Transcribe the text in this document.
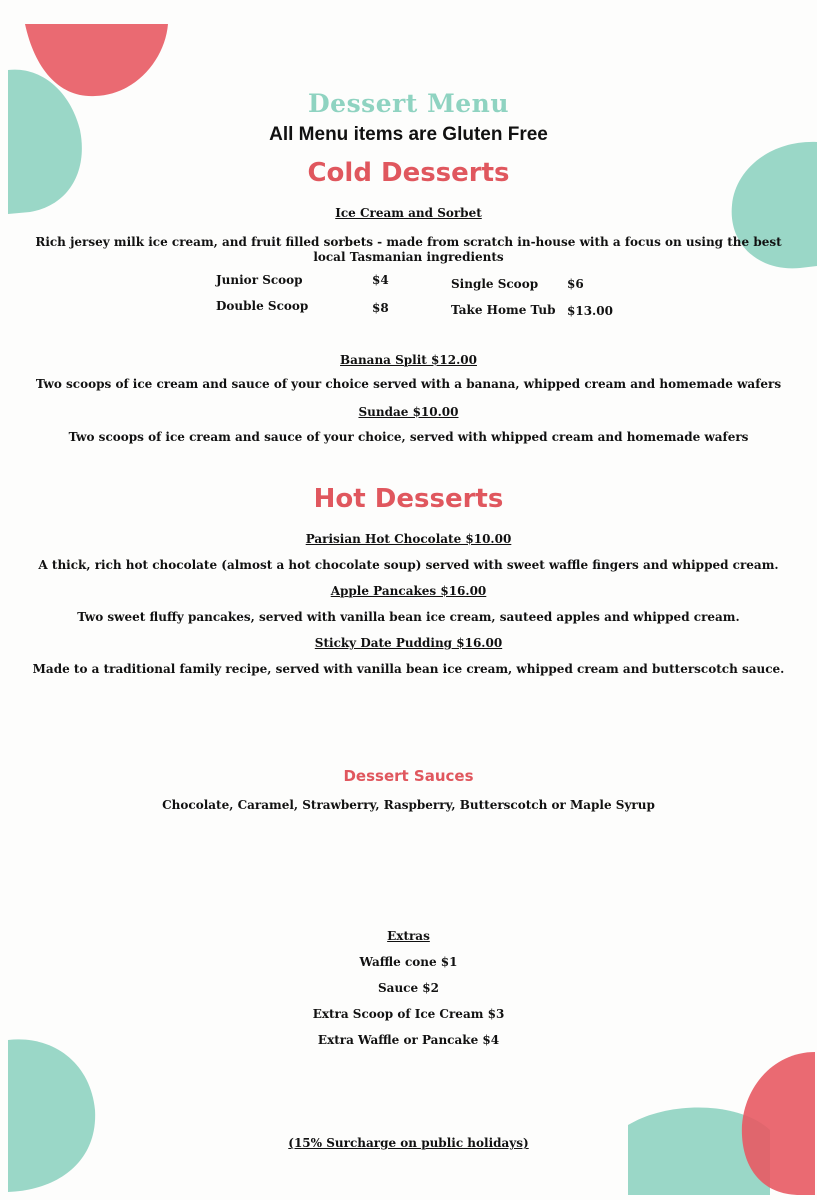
Dessert Menu
All Menu items are Gluten Free
Cold Desserts
Ice Cream and Sorbet
Rich jersey milk ice cream, and fruit filled sorbets - made from scratch in-house with a focus on using the best
local Tasmanian ingredients
Junior Scoop	$4	Single Scoop $6
Double Scoop	$8	Take Home Tub $13.00
Banana Split $12.00
Two scoops of ice cream and sauce of your choice served with a banana, whipped cream and homemade wafers
Sundae $10.00
Two scoops of ice cream and sauce of your choice, served with whipped cream and homemade wafers
Hot Desserts
Parisian Hot Chocolate $10.00
A thick, rich hot chocolate (almost a hot chocolate soup) served with sweet waffle fingers and whipped cream.
Apple Pancakes $16.00
Two sweet fluffy pancakes, served with vanilla bean ice cream, sauteed apples and whipped cream.
Sticky Date Pudding $16.00
Made to a traditional family recipe, served with vanilla bean ice cream, whipped cream and butterscotch sauce.
Dessert Sauces
Chocolate, Caramel, Strawberry, Raspberry, Butterscotch or Maple Syrup
Extras
Waffle cone $1
Sauce $2
Extra Scoop of Ice Cream $3
Extra Waffle or Pancake $4
(15% Surcharge on public holidays)
